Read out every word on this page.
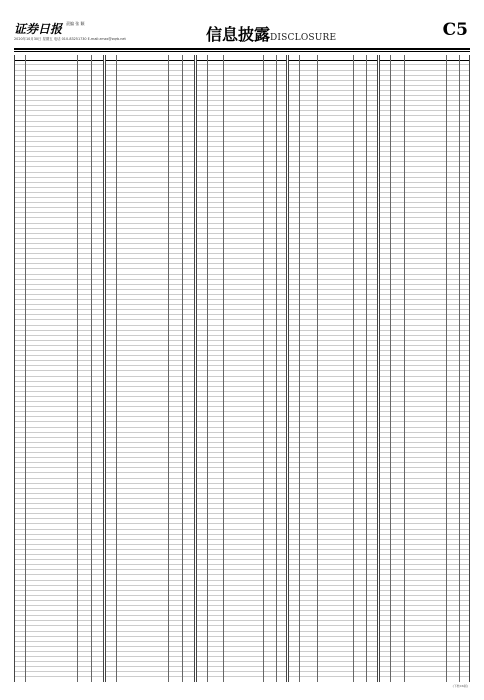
证券日报 责编 张 颖
2020年10月30日 星期五 电话 010-83251730 E-mail:zmzx@zqrb.net	信息披露DISCLOSURE	C5
(下转C6版)
